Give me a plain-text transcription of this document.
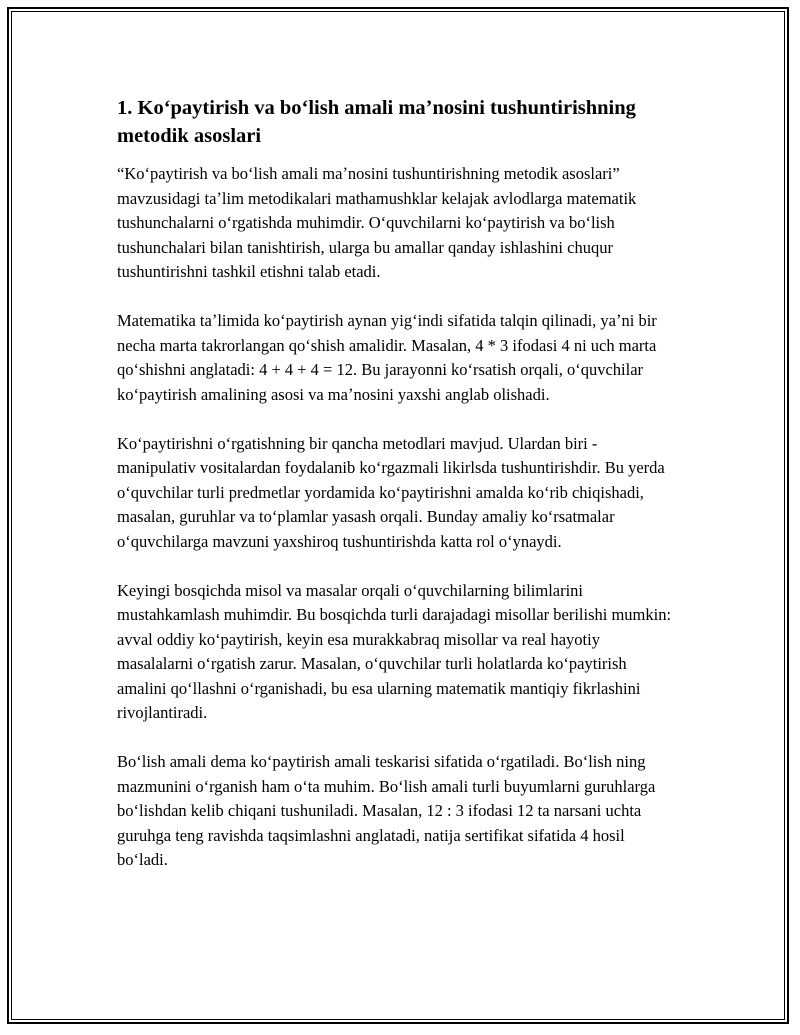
1. Koʻpaytirish va boʻlish amali maʼnosini tushuntirishning metodik asoslari

“Koʻpaytirish va boʻlish amali maʼnosini tushuntirishning metodik asoslari” mavzusidagi taʼlim metodikalari mathamushklar kelajak avlodlarga matematik tushunchalarni oʻrgatishda muhimdir. Oʻquvchilarni koʻpaytirish va boʻlish tushunchalari bilan tanishtirish, ularga bu amallar qanday ishlashini chuqur tushuntirishni tashkil etishni talab etadi.

Matematika taʼlimida koʻpaytirish aynan yigʻindi sifatida talqin qilinadi, yaʼni bir necha marta takrorlangan qoʻshish amalidir. Masalan, 4 * 3 ifodasi 4 ni uch marta qoʻshishni anglatadi: 4 + 4 + 4 = 12. Bu jarayonni koʻrsatish orqali, oʻquvchilar koʻpaytirish amalining asosi va maʼnosini yaxshi anglab olishadi.

Koʻpaytirishni oʻrgatishning bir qancha metodlari mavjud. Ulardan biri - manipulativ vositalardan foydalanib koʻrgazmali likirlsda tushuntirishdir. Bu yerda oʻquvchilar turli predmetlar yordamida koʻpaytirishni amalda koʻrib chiqishadi, masalan, guruhlar va toʻplamlar yasash orqali. Bunday amaliy koʻrsatmalar oʻquvchilarga mavzuni yaxshiroq tushuntirishda katta rol oʻynaydi.

Keyingi bosqichda misol va masalar orqali oʻquvchilarning bilimlarini mustahkamlash muhimdir. Bu bosqichda turli darajadagi misollar berilishi mumkin: avval oddiy koʻpaytirish, keyin esa murakkabraq misollar va real hayotiy masalalarni oʻrgatish zarur. Masalan, oʻquvchilar turli holatlarda koʻpaytirish amalini qoʻllashni oʻrganishadi, bu esa ularning matematik mantiqiy fikrlashini rivojlantiradi.

Boʻlish amali dema koʻpaytirish amali teskarisi sifatida oʻrgatiladi. Boʻlish ning mazmunini oʻrganish ham oʻta muhim. Boʻlish amali turli buyumlarni guruhlarga boʻlishdan kelib chiqani tushuniladi. Masalan, 12 : 3 ifodasi 12 ta narsani uchta guruhga teng ravishda taqsimlashni anglatadi, natija sertifikat sifatida 4 hosil boʻladi.
